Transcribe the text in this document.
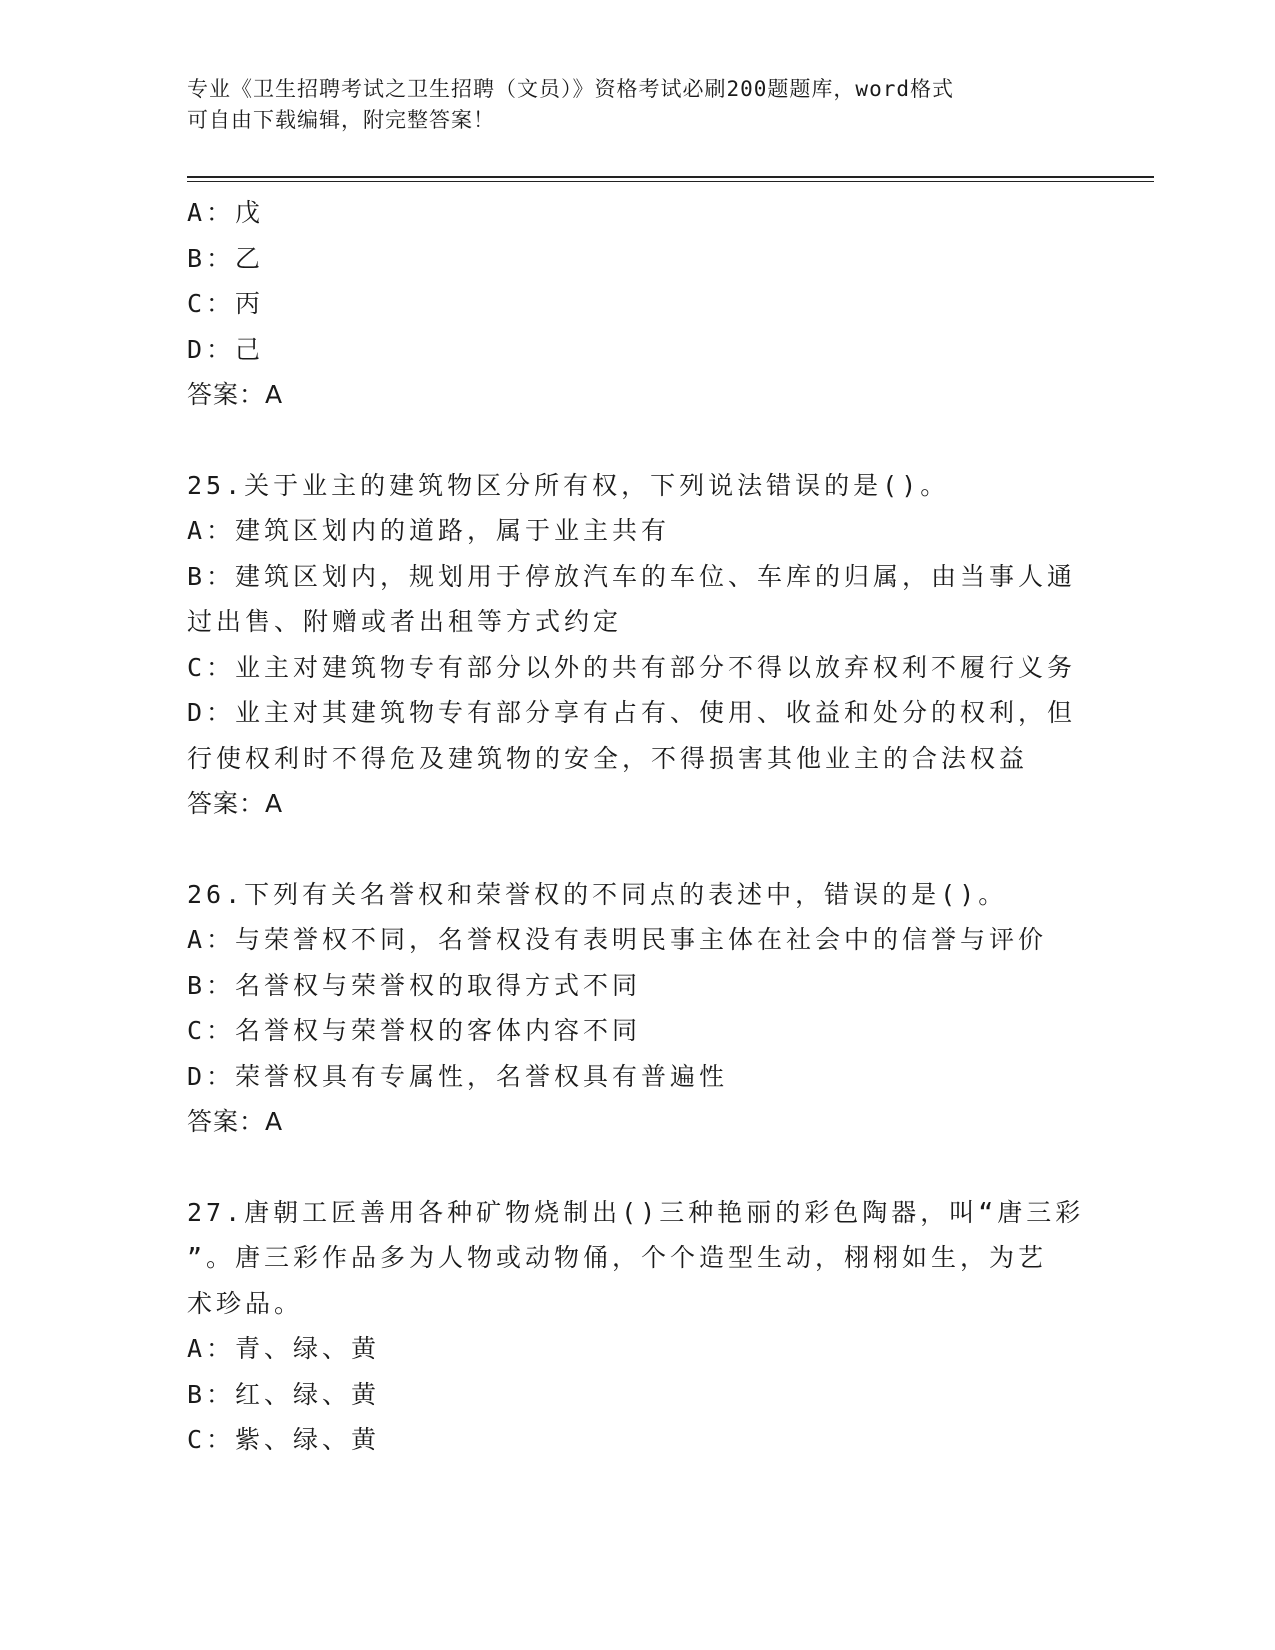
专业《卫生招聘考试之卫生招聘（文员）》资格考试必刷200题题库，word格式
可自由下载编辑，附完整答案！
A：戊
B：乙
C：丙
D：己
答案：A
25.关于业主的建筑物区分所有权，下列说法错误的是()。
A：建筑区划内的道路，属于业主共有
B：建筑区划内，规划用于停放汽车的车位、车库的归属，由当事人通
过出售、附赠或者出租等方式约定
C：业主对建筑物专有部分以外的共有部分不得以放弃权利不履行义务
D：业主对其建筑物专有部分享有占有、使用、收益和处分的权利，但
行使权利时不得危及建筑物的安全，不得损害其他业主的合法权益
答案：A
26.下列有关名誉权和荣誉权的不同点的表述中，错误的是()。
A：与荣誉权不同，名誉权没有表明民事主体在社会中的信誉与评价
B：名誉权与荣誉权的取得方式不同
C：名誉权与荣誉权的客体内容不同
D：荣誉权具有专属性，名誉权具有普遍性
答案：A
27.唐朝工匠善用各种矿物烧制出()三种艳丽的彩色陶器，叫“唐三彩
”。唐三彩作品多为人物或动物俑，个个造型生动，栩栩如生，为艺
术珍品。
A：青、绿、黄
B：红、绿、黄
C：紫、绿、黄
